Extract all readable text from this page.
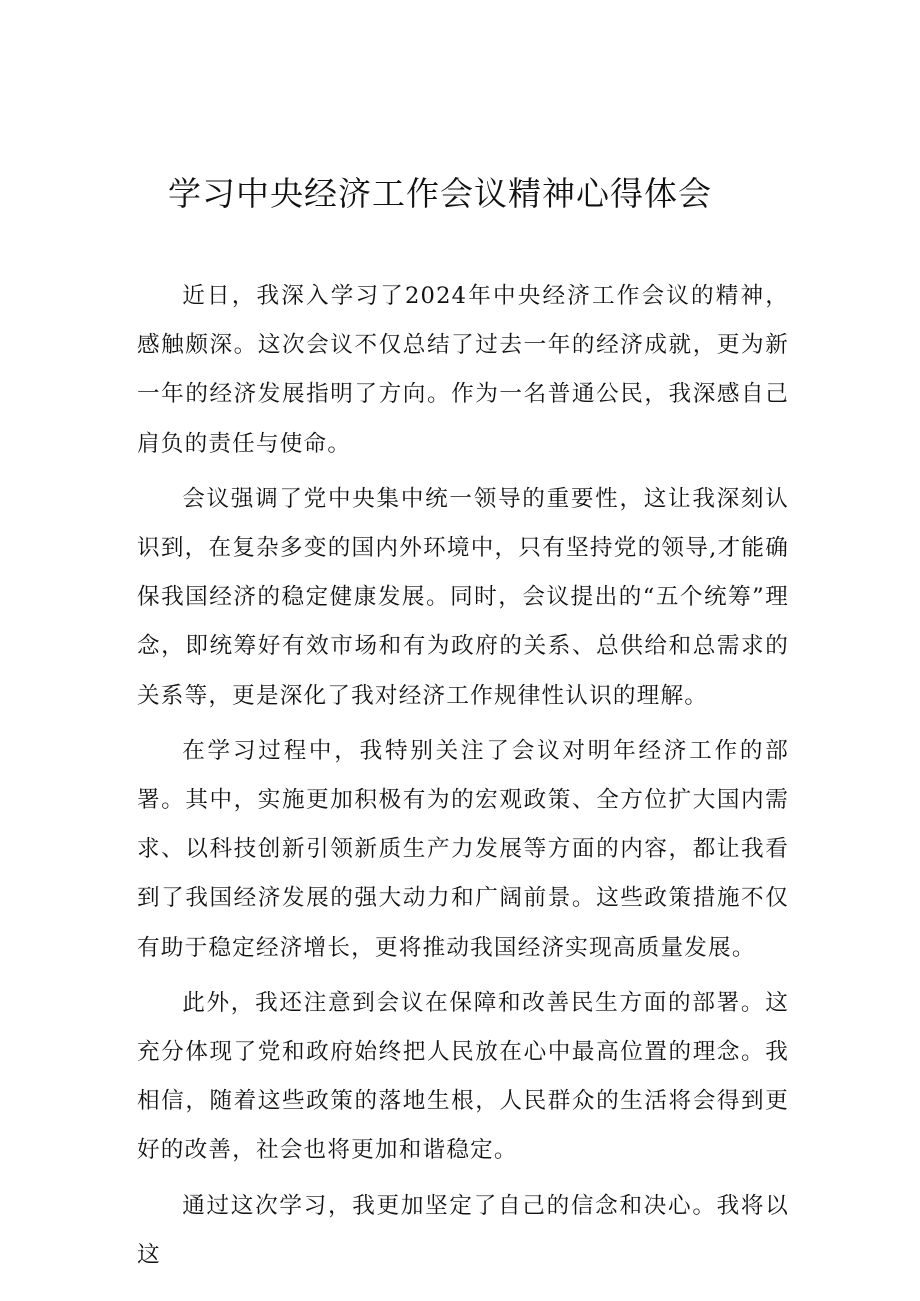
学习中央经济工作会议精神心得体会

近日，我深入学习了2024年中央经济工作会议的精神，感触颇深。这次会议不仅总结了过去一年的经济成就，更为新一年的经济发展指明了方向。作为一名普通公民，我深感自己肩负的责任与使命。

会议强调了党中央集中统一领导的重要性，这让我深刻认识到，在复杂多变的国内外环境中，只有坚持党的领导,才能确保我国经济的稳定健康发展。同时，会议提出的“五个统筹”理念，即统筹好有效市场和有为政府的关系、总供给和总需求的关系等，更是深化了我对经济工作规律性认识的理解。

在学习过程中，我特别关注了会议对明年经济工作的部署。其中，实施更加积极有为的宏观政策、全方位扩大国内需求、以科技创新引领新质生产力发展等方面的内容，都让我看到了我国经济发展的强大动力和广阔前景。这些政策措施不仅有助于稳定经济增长，更将推动我国经济实现高质量发展。

此外，我还注意到会议在保障和改善民生方面的部署。这充分体现了党和政府始终把人民放在心中最高位置的理念。我相信，随着这些政策的落地生根，人民群众的生活将会得到更好的改善，社会也将更加和谐稳定。

通过这次学习，我更加坚定了自己的信念和决心。我将以这
